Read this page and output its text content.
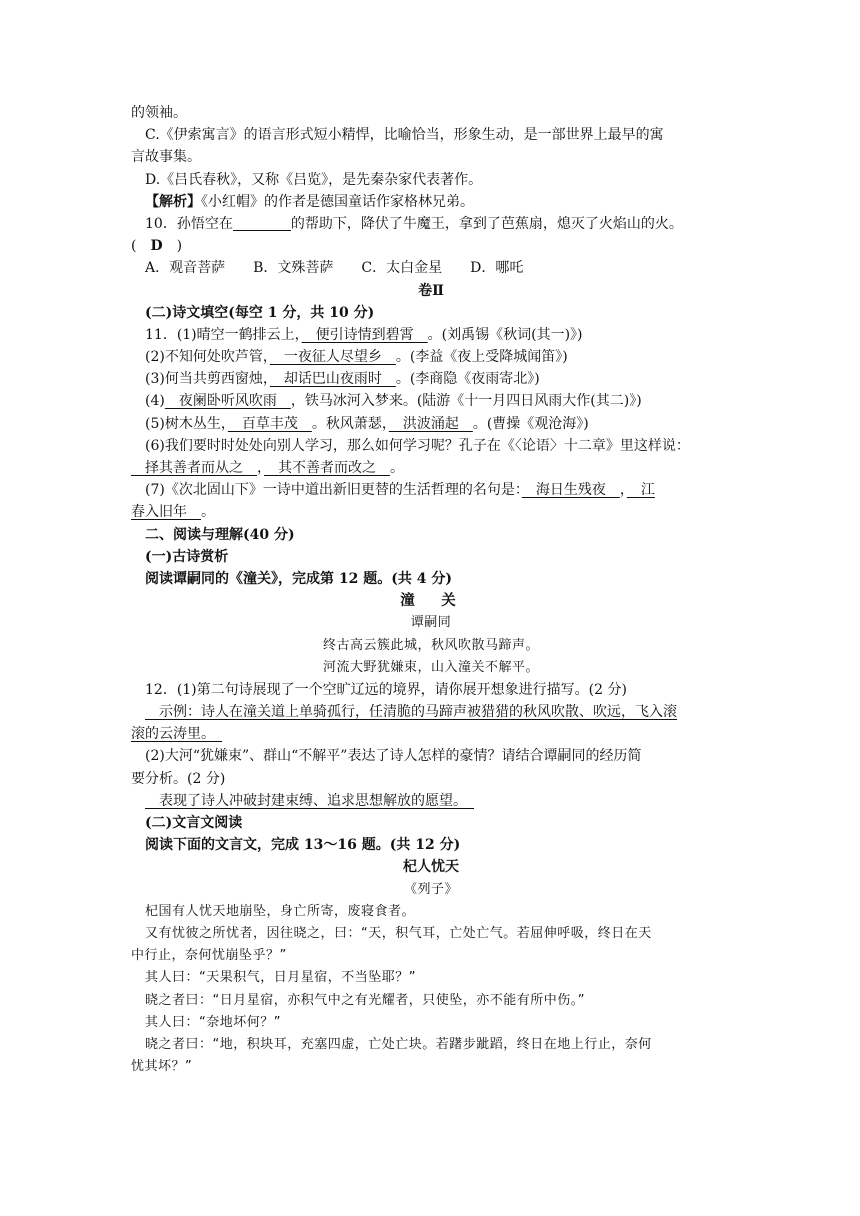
的领袖。
C.《伊索寓言》的语言形式短小精悍，比喻恰当，形象生动，是一部世界上最早的寓
言故事集。
D.《吕氏春秋》，又称《吕览》，是先秦杂家代表著作。
【解析】《小红帽》的作者是德国童话作家格林兄弟。
10．孙悟空在	的帮助下，降伏了牛魔王，拿到了芭蕉扇，熄灭了火焰山的火。
(　D　)
A．观音菩萨　　B．文殊菩萨　　C．太白金星　　D．哪吒
卷Ⅱ
(二)诗文填空(每空 1 分，共 10 分)
11．(1)晴空一鹤排云上，　便引诗情到碧霄　。(刘禹锡《秋词(其一)》)
(2)不知何处吹芦管，　一夜征人尽望乡　。(李益《夜上受降城闻笛》)
(3)何当共剪西窗烛，　却话巴山夜雨时　。(李商隐《夜雨寄北》)
(4)　夜阑卧听风吹雨　，铁马冰河入梦来。(陆游《十一月四日风雨大作(其二)》)
(5)树木丛生，　百草丰茂　。秋风萧瑟，　洪波涌起　。(曹操《观沧海》)
(6)我们要时时处处向别人学习，那么如何学习呢？孔子在《〈论语〉十二章》里这样说：
　择其善者而从之　，　其不善者而改之　。
(7)《次北固山下》一诗中道出新旧更替的生活哲理的名句是：　海日生残夜　，　江
春入旧年　。
二、阅读与理解(40 分)
(一)古诗赏析
阅读谭嗣同的《潼关》，完成第 12 题。(共 4 分)
潼　关
谭嗣同
终古高云簇此城，秋风吹散马蹄声。
河流大野犹嫌束，山入潼关不解平。
12．(1)第二句诗展现了一个空旷辽远的境界，请你展开想象进行描写。(2 分)
　示例：诗人在潼关道上单骑孤行，任清脆的马蹄声被猎猎的秋风吹散、吹远，飞入滚
滚的云涛里。　
(2)大河“犹嫌束”、群山“不解平”表达了诗人怎样的豪情？请结合谭嗣同的经历简
要分析。(2 分)
　表现了诗人冲破封建束缚、追求思想解放的愿望。　
(二)文言文阅读
阅读下面的文言文，完成 13～16 题。(共 12 分)
杞人忧天
《列子》
杞国有人忧天地崩坠，身亡所寄，废寝食者。
又有忧彼之所忧者，因往晓之，曰：“天，积气耳，亡处亡气。若屈伸呼吸，终日在天
中行止，奈何忧崩坠乎？”
其人曰：“天果积气，日月星宿，不当坠耶？”
晓之者曰：“日月星宿，亦积气中之有光耀者，只使坠，亦不能有所中伤。”
其人曰：“奈地坏何？”
晓之者曰：“地，积块耳，充塞四虚，亡处亡块。若躇步跐蹈，终日在地上行止，奈何
忧其坏？”
